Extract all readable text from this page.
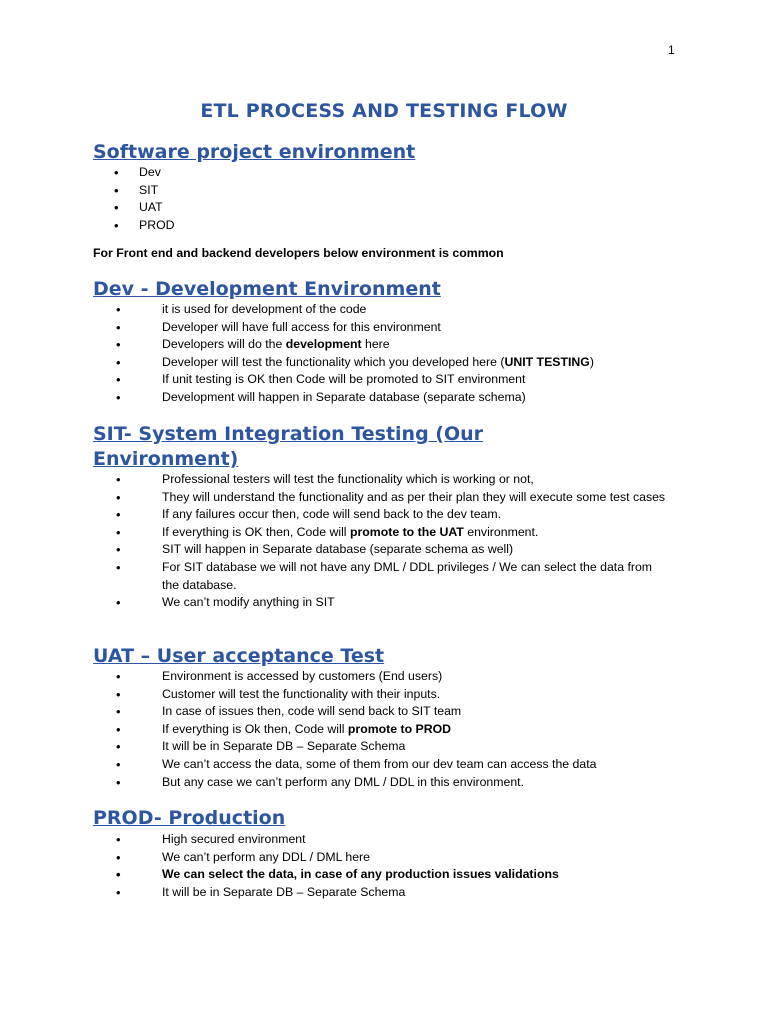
1
ETL PROCESS AND TESTING FLOW
Software project environment
• Dev
• SIT
• UAT
• PROD

For Front end and backend developers below environment is common

Dev - Development Environment
•	it is used for development of the code
•	Developer will have full access for this environment
•	Developers will do the development here
•	Developer will test the functionality which you developed here (UNIT TESTING)
•	If unit testing is OK then Code will be promoted to SIT environment
•	Development will happen in Separate database (separate schema)
SIT- System Integration Testing (Our
Environment)
•	Professional testers will test the functionality which is working or not,
•	They will understand the functionality and as per their plan they will execute some test cases
•	If any failures occur then, code will send back to the dev team.
•	If everything is OK then, Code will promote to the UAT environment.
•	SIT will happen in Separate database (separate schema as well)
•	For SIT database we will not have any DML / DDL privileges / We can select the data from the database.
•	We can’t modify anything in SIT
UAT – User acceptance Test
•	Environment is accessed by customers (End users)
•	Customer will test the functionality with their inputs.
•	In case of issues then, code will send back to SIT team
•	If everything is Ok then, Code will promote to PROD
•	It will be in Separate DB – Separate Schema
•	We can’t access the data, some of them from our dev team can access the data
•	But any case we can’t perform any DML / DDL in this environment.
PROD- Production
•	High secured environment
•	We can’t perform any DDL / DML here
•	We can select the data, in case of any production issues validations
•	It will be in Separate DB – Separate Schema
